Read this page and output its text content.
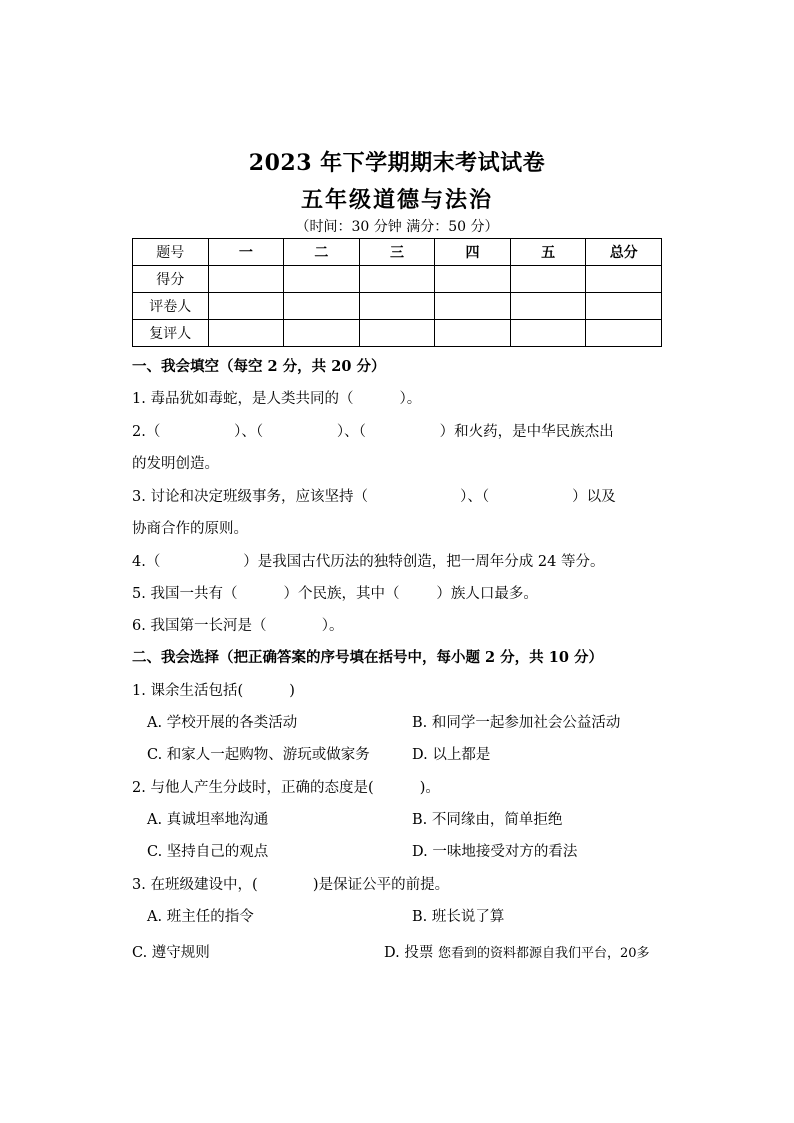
2023 年下学期期末考试试卷
五年级道德与法治
（时间：30 分钟 满分：50 分）
题号	一	二	三	四	五	总分
得分						
评卷人						
复评人						
一、我会填空（每空 2 分，共 20 分）
1. 毒品犹如毒蛇，是人类共同的（          ）。
2.（                ）、（                ）、（                ）和火药，是中华民族杰出
的发明创造。
3. 讨论和决定班级事务，应该坚持（                    ）、（                  ）以及
协商合作的原则。
4.（                  ）是我国古代历法的独特创造，把一周年分成 24 等分。
5. 我国一共有（          ）个民族，其中（        ）族人口最多。
6. 我国第一长河是（            ）。
二、我会选择（把正确答案的序号填在括号中，每小题 2 分，共 10 分）
1. 课余生活包括(          )
A. 学校开展的各类活动	B. 和同学一起参加社会公益活动
C. 和家人一起购物、游玩或做家务	D. 以上都是
2. 与他人产生分歧时，正确的态度是(          )。
A. 真诚坦率地沟通	B. 不同缘由，简单拒绝
C. 坚持自己的观点	D. 一味地接受对方的看法
3. 在班级建设中，(            )是保证公平的前提。
A. 班主任的指令	B. 班长说了算
C. 遵守规则	D. 投票 您看到的资料都源自我们平台，20多
